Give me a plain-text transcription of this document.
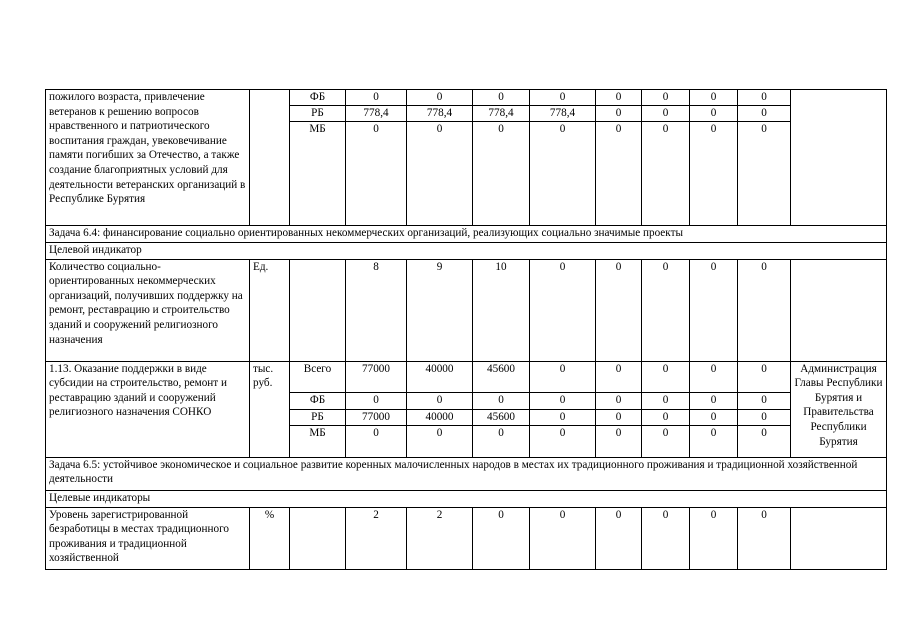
пожилого возраста, привлечение ветеранов к решению вопросов нравственного и патриотического воспитания граждан, увековечивание памяти погибших за Отечество, а также создание благоприятных условий для деятельности ветеранских организаций в Республике Бурятия		ФБ	0	0	0	0	0	0	0	0	
		РБ	778,4	778,4	778,4	778,4	0	0	0	0	
		МБ	0	0	0	0	0	0	0	0	
Задача 6.4: финансирование социально ориентированных некоммерческих организаций, реализующих социально значимые проекты											
Целевой индикатор											
Количество социально-ориентированных некоммерческих организаций, получивших поддержку на ремонт, реставрацию и строительство зданий и сооружений религиозного назначения	Ед.		8	9	10	0	0	0	0	0	
1.13. Оказание поддержки в виде субсидии на строительство, ремонт и реставрацию зданий и сооружений религиозного назначения СОНКО	тыс. руб.	Всего	77000	40000	45600	0	0	0	0	0	Администрация Главы Республики Бурятия и Правительства Республики Бурятия
		ФБ	0	0	0	0	0	0	0	0	
		РБ	77000	40000	45600	0	0	0	0	0	
		МБ	0	0	0	0	0	0	0	0	
Задача 6.5: устойчивое экономическое и социальное развитие коренных малочисленных народов в местах их традиционного проживания и традиционной хозяйственной деятельности											
Целевые индикаторы											
Уровень зарегистрированной безработицы в местах традиционного проживания и традиционной хозяйственной	%		2	2	0	0	0	0	0	0	
